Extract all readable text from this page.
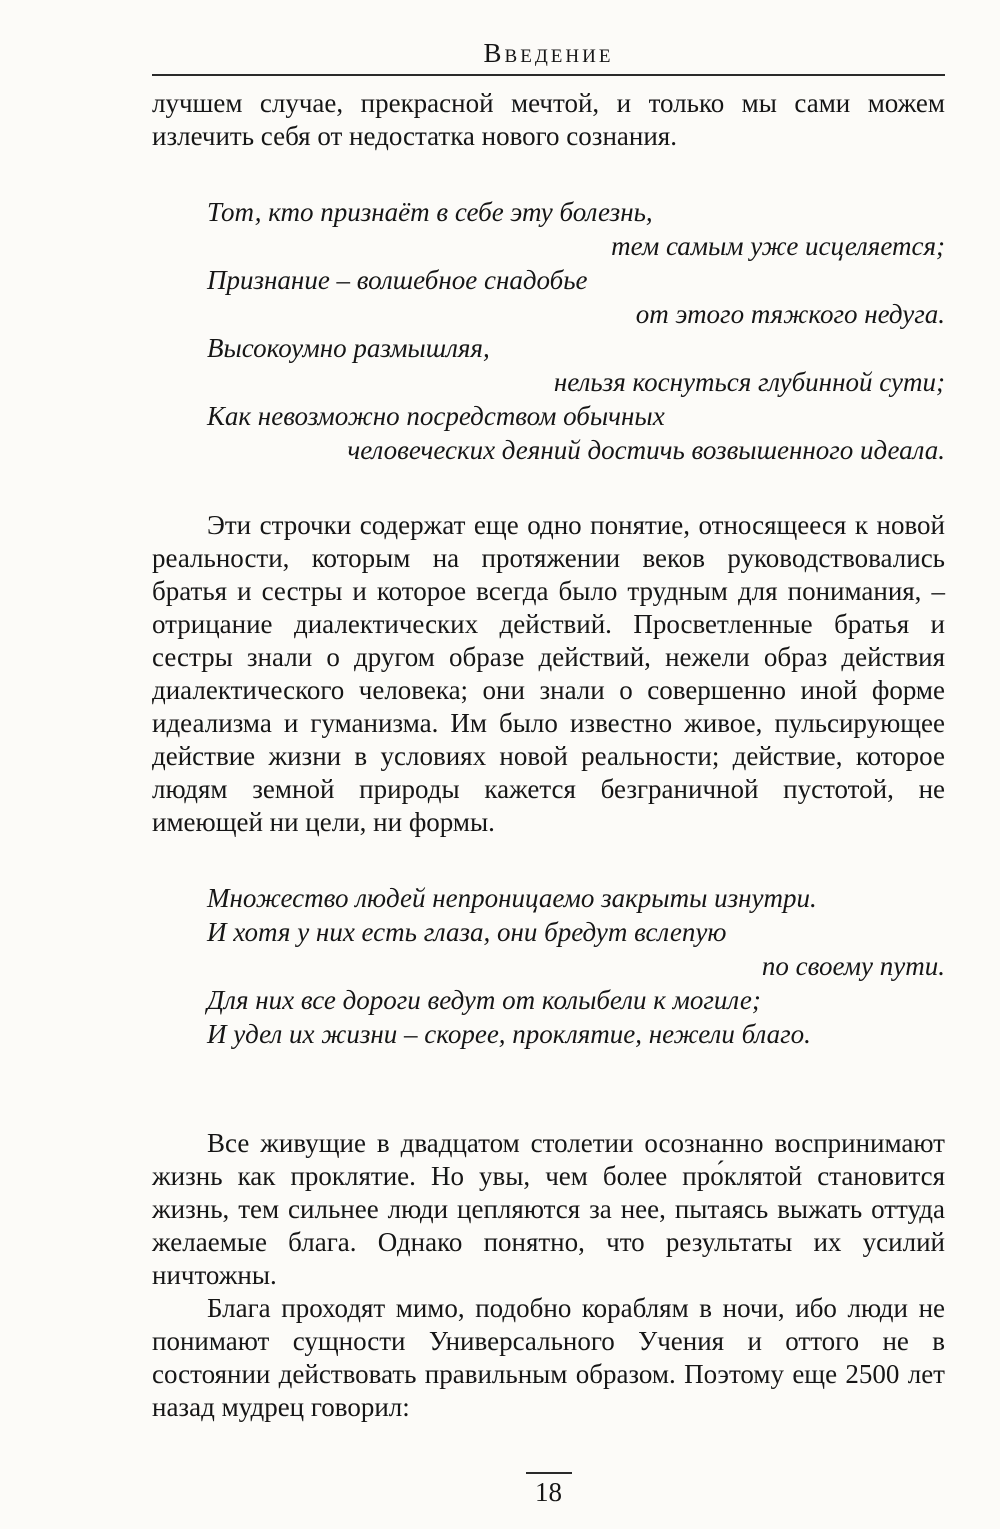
Введение

лучшем случае, прекрасной мечтой, и только мы сами можем излечить себя от недостатка нового сознания.

Тот, кто признаёт в себе эту болезнь,
тем самым уже исцеляется;
Признание – волшебное снадобье
от этого тяжкого недуга.
Высокоумно размышляя,
нельзя коснуться глубинной сути;
Как невозможно посредством обычных
человеческих деяний достичь возвышенного идеала.

Эти строчки содержат еще одно понятие, относящееся к новой реальности, которым на протяжении веков руководствовались братья и сестры и которое всегда было трудным для понимания, – отрицание диалектических действий. Просветленные братья и сестры знали о другом образе действий, нежели образ действия диалектического человека; они знали о совершенно иной форме идеализма и гуманизма. Им было известно живое, пульсирующее действие жизни в условиях новой реальности; действие, которое людям земной природы кажется безграничной пустотой, не имеющей ни цели, ни формы.

Множество людей непроницаемо закрыты изнутри.
И хотя у них есть глаза, они бредут вслепую
по своему пути.
Для них все дороги ведут от колыбели к могиле;
И удел их жизни – скорее, проклятие, нежели благо.

Все живущие в двадцатом столетии осознанно воспринимают жизнь как проклятие. Но увы, чем более про́клятой становится жизнь, тем сильнее люди цепляются за нее, пытаясь выжать оттуда желаемые блага. Однако понятно, что результаты их усилий ничтожны.

Блага проходят мимо, подобно кораблям в ночи, ибо люди не понимают сущности Универсального Учения и оттого не в состоянии действовать правильным образом. Поэтому еще 2500 лет назад мудрец говорил:

18
